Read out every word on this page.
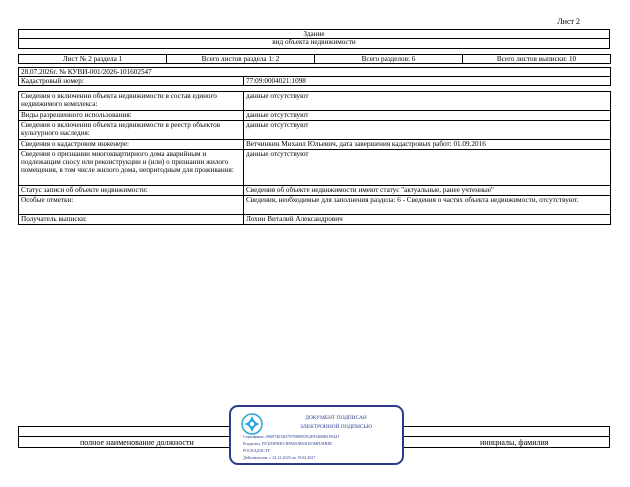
Лист 2
Здание
вид объекта недвижимости
Лист № 2 раздела 1	Всего листов раздела 1: 2	Всего разделов: 6	Всего листов выписки: 10
28.07.2026г. № КУВИ-001/2026-101602547
Кадастровый номер:	77:09:0004021:1098
Сведения о включении объекта недвижимости в состав единого недвижимого комплекса:	данные отсутствуют
Виды разрешенного использования:	данные отсутствуют
Сведения о включении объекта недвижимости в реестр объектов культурного наследия:	данные отсутствуют
Сведения о кадастровом инженере:	Ветчинкин Михаил Юльевич, дата завершения кадастровых работ: 01.09.2016
Сведения о признании многоквартирного дома аварийным и подлежащим сносу или реконструкции и (или) о признании жилого помещения, в том числе жилого дома, непригодным для проживания:	данные отсутствуют
Статус записи об объекте недвижимости:	Сведения об объекте недвижимости имеют статус "актуальные, ранее учтенные"
Особые отметки:	Сведения, необходимые для заполнения раздела: 6 - Сведения о частях объекта недвижимости, отсутствуют.
Получатель выписки:	Лохин Виталий Александрович
полное наименование должности	инициалы, фамилия
ДОКУМЕНТ ПОДПИСАН
ЭЛЕКТРОННОЙ ПОДПИСЬЮ
Сертификат: 00697401B47979B0855E2F034B0B1F8441
Владелец: ПУБЛИЧНО-ПРАВОВАЯ КОМПАНИЯ
РОСКАДАСТР
Действителен: с 24.12.2025 по 19.03.2027
